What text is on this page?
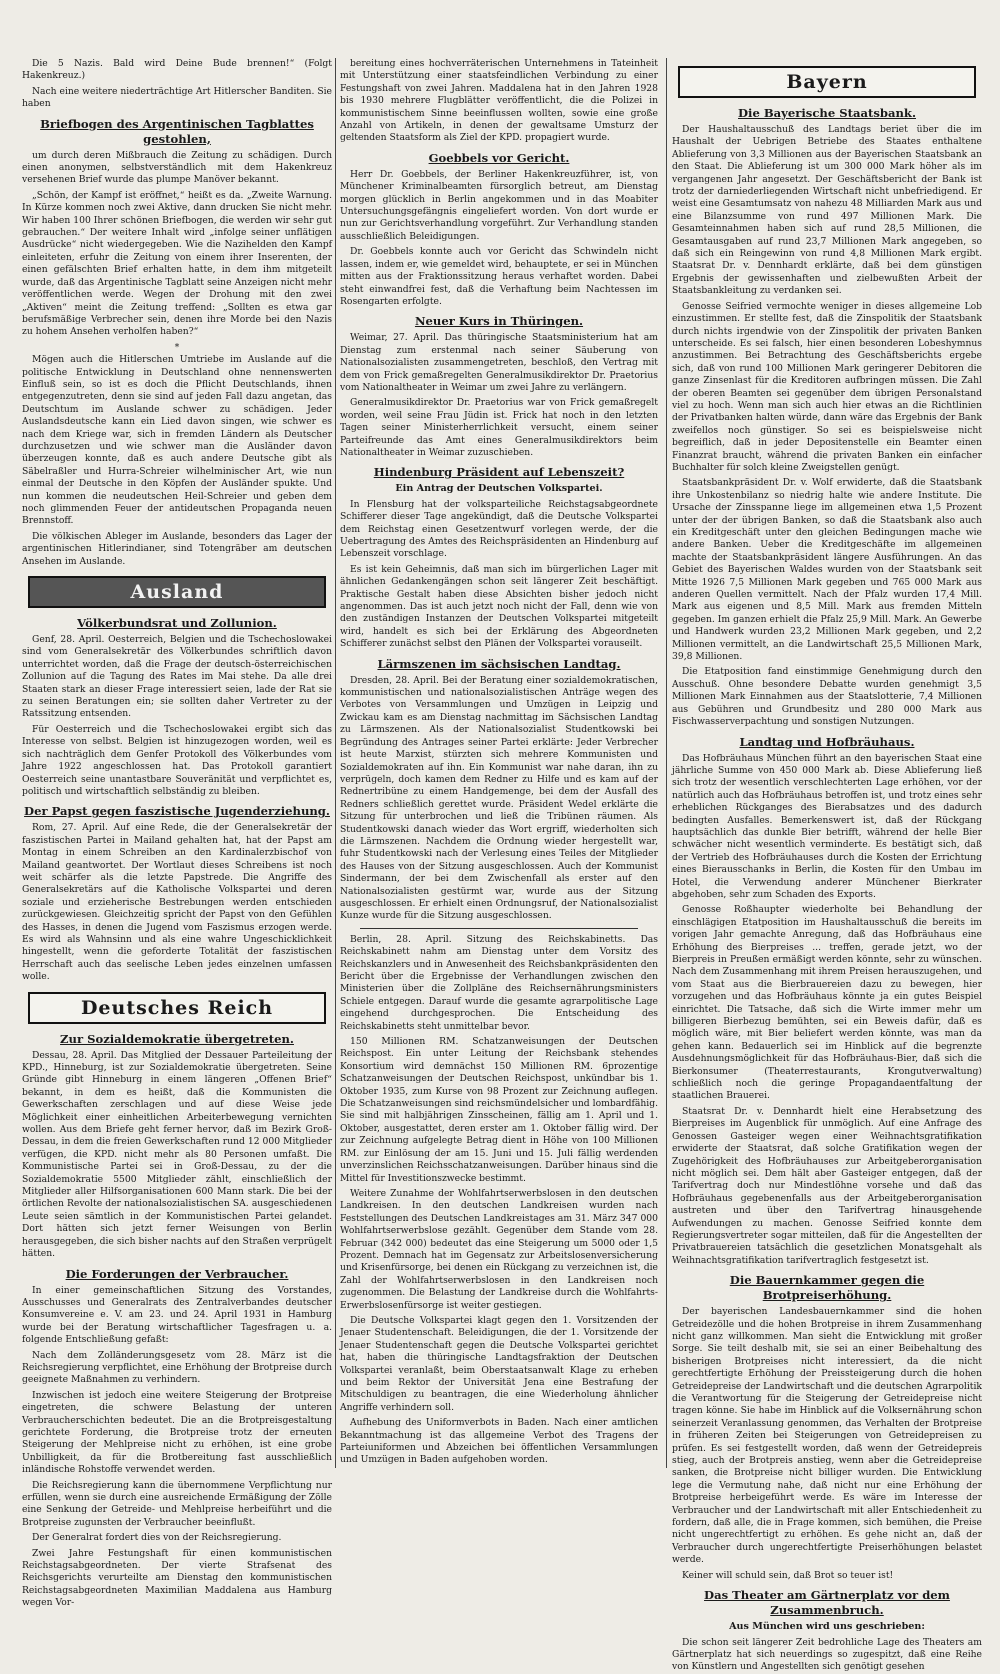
Die 5 Nazis. Bald wird Deine Bude brennen!“ (Folgt Hakenkreuz.)

Nach eine weitere niederträchtige Art Hitlerscher Banditen. Sie haben

Briefbogen des Argentinischen Tagblattes gestohlen,

um durch deren Mißbrauch die Zeitung zu schädigen. Durch einen anonymen, selbstverständlich mit dem Hakenkreuz versehenen Brief wurde das plumpe Manöver bekannt.

„Schön, der Kampf ist eröffnet,“ heißt es da. „Zweite Warnung. In Kürze kommen noch zwei Aktive, dann drucken Sie nicht mehr. Wir haben 100 Ihrer schönen Briefbogen, die werden wir sehr gut gebrauchen.“ Der weitere Inhalt wird „infolge seiner unflätigen Ausdrücke“ nicht wiedergegeben. Wie die Nazihelden den Kampf einleiteten, erfuhr die Zeitung von einem ihrer Inserenten, der einen gefälschten Brief erhalten hatte, in dem ihm mitgeteilt wurde, daß das Argentinische Tagblatt seine Anzeigen nicht mehr veröffentlichen werde. Wegen der Drohung mit den zwei „Aktiven“ meint die Zeitung treffend: „Sollten es etwa gar berufsmäßige Verbrecher sein, denen ihre Morde bei den Nazis zu hohem Ansehen verholfen haben?“

*

Mögen auch die Hitlerschen Umtriebe im Auslande auf die politische Entwicklung in Deutschland ohne nennenswerten Einfluß sein, so ist es doch die Pflicht Deutschlands, ihnen entgegenzutreten, denn sie sind auf jeden Fall dazu angetan, das Deutschtum im Auslande schwer zu schädigen. Jeder Auslandsdeutsche kann ein Lied davon singen, wie schwer es nach dem Kriege war, sich in fremden Ländern als Deutscher durchzusetzen und wie schwer man die Ausländer davon überzeugen konnte, daß es auch andere Deutsche gibt als Säbelraßler und Hurra-Schreier wilhelminischer Art, wie nun einmal der Deutsche in den Köpfen der Ausländer spukte. Und nun kommen die neudeutschen Heil-Schreier und geben dem noch glimmenden Feuer der antideutschen Propaganda neuen Brennstoff.

Die völkischen Ableger im Auslande, besonders das Lager der argentinischen Hitlerindianer, sind Totengräber am deutschen Ansehen im Auslande.

Ausland
Völkerbundsrat und Zollunion.

Genf, 28. April. Oesterreich, Belgien und die Tschechoslowakei sind vom Generalsekretär des Völkerbundes schriftlich davon unterrichtet worden, daß die Frage der deutsch-österreichischen Zollunion auf die Tagung des Rates im Mai stehe. Da alle drei Staaten stark an dieser Frage interessiert seien, lade der Rat sie zu seinen Beratungen ein; sie sollten daher Vertreter zu der Ratssitzung entsenden.

Für Oesterreich und die Tschechoslowakei ergibt sich das Interesse von selbst. Belgien ist hinzugezogen worden, weil es sich nachträglich dem Genfer Protokoll des Völkerbundes vom Jahre 1922 angeschlossen hat. Das Protokoll garantiert Oesterreich seine unantastbare Souveränität und verpflichtet es, politisch und wirtschaftlich selbständig zu bleiben.

Der Papst gegen faszistische Jugenderziehung.

Rom, 27. April. Auf eine Rede, die der Generalsekretär der faszistischen Partei in Mailand gehalten hat, hat der Papst am Montag in einem Schreiben an den Kardinalerzbischof von Mailand geantwortet. Der Wortlaut dieses Schreibens ist noch weit schärfer als die letzte Papstrede. Die Angriffe des Generalsekretärs auf die Katholische Volkspartei und deren soziale und erzieherische Bestrebungen werden entschieden zurückgewiesen. Gleichzeitig spricht der Papst von den Gefühlen des Hasses, in denen die Jugend vom Faszismus erzogen werde. Es wird als Wahnsinn und als eine wahre Ungeschicklichkeit hingestellt, wenn die geforderte Totalität der faszistischen Herrschaft auch das seelische Leben jedes einzelnen umfassen wolle.

Deutsches Reich
Zur Sozialdemokratie übergetreten.

Dessau, 28. April. Das Mitglied der Dessauer Parteileitung der KPD., Hinneburg, ist zur Sozialdemokratie übergetreten. Seine Gründe gibt Hinneburg in einem längeren „Offenen Brief“ bekannt, in dem es heißt, daß die Kommunisten die Gewerkschaften zerschlagen und auf diese Weise jede Möglichkeit einer einheitlichen Arbeiterbewegung vernichten wollen. Aus dem Briefe geht ferner hervor, daß im Bezirk Groß-Dessau, in dem die freien Gewerkschaften rund 12 000 Mitglieder verfügen, die KPD. nicht mehr als 80 Personen umfaßt. Die Kommunistische Partei sei in Groß-Dessau, zu der die Sozialdemokratie 5500 Mitglieder zählt, einschließlich der Mitglieder aller Hilfsorganisationen 600 Mann stark. Die bei der örtlichen Revolte der nationalsozialistischen SA. ausgeschiedenen Leute seien sämtlich in der Kommunistischen Partei gelandet. Dort hätten sich jetzt ferner Weisungen von Berlin herausgegeben, die sich bisher nachts auf den Straßen verprügelt hätten.

Die Forderungen der Verbraucher.

In einer gemeinschaftlichen Sitzung des Vorstandes, Ausschusses und Generalrats des Zentralverbandes deutscher Konsumvereine e. V. am 23. und 24. April 1931 in Hamburg wurde bei der Beratung wirtschaftlicher Tagesfragen u. a. folgende Entschließung gefaßt:

Nach dem Zolländerungsgesetz vom 28. März ist die Reichsregierung verpflichtet, eine Erhöhung der Brotpreise durch geeignete Maßnahmen zu verhindern.

Inzwischen ist jedoch eine weitere Steigerung der Brotpreise eingetreten, die schwere Belastung der unteren Verbraucherschichten bedeutet. Die an die Brotpreisgestaltung gerichtete Forderung, die Brotpreise trotz der erneuten Steigerung der Mehlpreise nicht zu erhöhen, ist eine grobe Unbilligkeit, da für die Brotbereitung fast ausschließlich inländische Rohstoffe verwendet werden.

Die Reichsregierung kann die übernommene Verpflichtung nur erfüllen, wenn sie durch eine ausreichende Ermäßigung der Zölle eine Senkung der Getreide- und Mehlpreise herbeiführt und die Brotpreise zugunsten der Verbraucher beeinflußt.

Der Generalrat fordert dies von der Reichsregierung.

Zwei Jahre Festungshaft für einen kommunistischen Reichstagsabgeordneten. Der vierte Strafsenat des Reichsgerichts verurteilte am Dienstag den kommunistischen Reichstagsabgeordneten Maximilian Maddalena aus Hamburg wegen Vor-

bereitung eines hochverräterischen Unternehmens in Tateinheit mit Unterstützung einer staatsfeindlichen Verbindung zu einer Festungshaft von zwei Jahren. Maddalena hat in den Jahren 1928 bis 1930 mehrere Flugblätter veröffentlicht, die die Polizei in kommunistischem Sinne beeinflussen wollten, sowie eine große Anzahl von Artikeln, in denen der gewaltsame Umsturz der geltenden Staatsform als Ziel der KPD. propagiert wurde.

Goebbels vor Gericht.

Herr Dr. Goebbels, der Berliner Hakenkreuzführer, ist, von Münchener Kriminalbeamten fürsorglich betreut, am Dienstag morgen glücklich in Berlin angekommen und in das Moabiter Untersuchungsgefängnis eingeliefert worden. Von dort wurde er nun zur Gerichtsverhandlung vorgeführt. Zur Verhandlung standen ausschließlich Beleidigungen.

Dr. Goebbels konnte auch vor Gericht das Schwindeln nicht lassen, indem er, wie gemeldet wird, behauptete, er sei in München mitten aus der Fraktionssitzung heraus verhaftet worden. Dabei steht einwandfrei fest, daß die Verhaftung beim Nachtessen im Rosengarten erfolgte.

Neuer Kurs in Thüringen.

Weimar, 27. April. Das thüringische Staatsministerium hat am Dienstag zum erstenmal nach seiner Säuberung von Nationalsozialisten zusammengetreten, beschloß, den Vertrag mit dem von Frick gemaßregelten Generalmusikdirektor Dr. Praetorius vom Nationaltheater in Weimar um zwei Jahre zu verlängern.

Generalmusikdirektor Dr. Praetorius war von Frick gemaßregelt worden, weil seine Frau Jüdin ist. Frick hat noch in den letzten Tagen seiner Ministerherrlichkeit versucht, einem seiner Parteifreunde das Amt eines Generalmusikdirektors beim Nationaltheater in Weimar zuzuschieben.

Hindenburg Präsident auf Lebenszeit?
Ein Antrag der Deutschen Volkspartei.

In Flensburg hat der volksparteiliche Reichstagsabgeordnete Schifferer dieser Tage angekündigt, daß die Deutsche Volkspartei dem Reichstag einen Gesetzentwurf vorlegen werde, der die Uebertragung des Amtes des Reichspräsidenten an Hindenburg auf Lebenszeit vorschlage.

Es ist kein Geheimnis, daß man sich im bürgerlichen Lager mit ähnlichen Gedankengängen schon seit längerer Zeit beschäftigt. Praktische Gestalt haben diese Absichten bisher jedoch nicht angenommen. Das ist auch jetzt noch nicht der Fall, denn wie von den zuständigen Instanzen der Deutschen Volkspartei mitgeteilt wird, handelt es sich bei der Erklärung des Abgeordneten Schifferer zunächst selbst den Plänen der Volkspartei vorauseilt.

Lärmszenen im sächsischen Landtag.

Dresden, 28. April. Bei der Beratung einer sozialdemokratischen, kommunistischen und nationalsozialistischen Anträge wegen des Verbotes von Versammlungen und Umzügen in Leipzig und Zwickau kam es am Dienstag nachmittag im Sächsischen Landtag zu Lärmszenen. Als der Nationalsozialist Studentkowski bei Begründung des Antrages seiner Partei erklärte: Jeder Verbrecher ist heute Marxist, stürzten sich mehrere Kommunisten und Sozialdemokraten auf ihn. Ein Kommunist war nahe daran, ihn zu verprügeln, doch kamen dem Redner zu Hilfe und es kam auf der Rednertribüne zu einem Handgemenge, bei dem der Ausfall des Redners schließlich gerettet wurde. Präsident Wedel erklärte die Sitzung für unterbrochen und ließ die Tribünen räumen. Als Studentkowski danach wieder das Wort ergriff, wiederholten sich die Lärmszenen. Nachdem die Ordnung wieder hergestellt war, fuhr Studentkowski nach der Verlesung eines Teiles der Mitglieder des Hauses von der Sitzung ausgeschlossen. Auch der Kommunist Sindermann, der bei dem Zwischenfall als erster auf den Nationalsozialisten gestürmt war, wurde aus der Sitzung ausgeschlossen. Er erhielt einen Ordnungsruf, der Nationalsozialist Kunze wurde für die Sitzung ausgeschlossen.

Berlin, 28. April. Sitzung des Reichskabinetts. Das Reichskabinett nahm am Dienstag unter dem Vorsitz des Reichskanzlers und in Anwesenheit des Reichsbankpräsidenten den Bericht über die Ergebnisse der Verhandlungen zwischen den Ministerien über die Zollpläne des Reichsernährungsministers Schiele entgegen. Darauf wurde die gesamte agrarpolitische Lage eingehend durchgesprochen. Die Entscheidung des Reichskabinetts steht unmittelbar bevor.

150 Millionen RM. Schatzanweisungen der Deutschen Reichspost. Ein unter Leitung der Reichsbank stehendes Konsortium wird demnächst 150 Millionen RM. 6prozentige Schatzanweisungen der Deutschen Reichspost, unkündbar bis 1. Oktober 1935, zum Kurse von 98 Prozent zur Zeichnung auflegen. Die Schatzanweisungen sind reichsmündelsicher und lombardfähig. Sie sind mit halbjährigen Zinsscheinen, fällig am 1. April und 1. Oktober, ausgestattet, deren erster am 1. Oktober fällig wird. Der zur Zeichnung aufgelegte Betrag dient in Höhe von 100 Millionen RM. zur Einlösung der am 15. Juni und 15. Juli fällig werdenden unverzinslichen Reichsschatzanweisungen. Darüber hinaus sind die Mittel für Investitionszwecke bestimmt.

Weitere Zunahme der Wohlfahrtserwerbslosen in den deutschen Landkreisen. In den deutschen Landkreisen wurden nach Feststellungen des Deutschen Landkreistages am 31. März 347 000 Wohlfahrtserwerbslose gezählt. Gegenüber dem Stande vom 28. Februar (342 000) bedeutet das eine Steigerung um 5000 oder 1,5 Prozent. Demnach hat im Gegensatz zur Arbeitslosenversicherung und Krisenfürsorge, bei denen ein Rückgang zu verzeichnen ist, die Zahl der Wohlfahrtserwerbslosen in den Landkreisen noch zugenommen. Die Belastung der Landkreise durch die Wohlfahrts-Erwerbslosenfürsorge ist weiter gestiegen.

Die Deutsche Volkspartei klagt gegen den 1. Vorsitzenden der Jenaer Studentenschaft. Beleidigungen, die der 1. Vorsitzende der Jenaer Studentenschaft gegen die Deutsche Volkspartei gerichtet hat, haben die thüringische Landtagsfraktion der Deutschen Volkspartei veranlaßt, beim Oberstaatsanwalt Klage zu erheben und beim Rektor der Universität Jena eine Bestrafung der Mitschuldigen zu beantragen, die eine Wiederholung ähnlicher Angriffe verhindern soll.

Aufhebung des Uniformverbots in Baden. Nach einer amtlichen Bekanntmachung ist das allgemeine Verbot des Tragens der Parteiuniformen und Abzeichen bei öffentlichen Versammlungen und Umzügen in Baden aufgehoben worden.

Bayern
Die Bayerische Staatsbank.

Der Haushaltausschuß des Landtags beriet über die im Haushalt der Uebrigen Betriebe des Staates enthaltene Ablieferung von 3,3 Millionen aus der Bayerischen Staatsbank an den Staat. Die Ablieferung ist um 300 000 Mark höher als im vergangenen Jahr angesetzt. Der Geschäftsbericht der Bank ist trotz der darniederliegenden Wirtschaft nicht unbefriedigend. Er weist eine Gesamtumsatz von nahezu 48 Milliarden Mark aus und eine Bilanzsumme von rund 497 Millionen Mark. Die Gesamteinnahmen haben sich auf rund 28,5 Millionen, die Gesamtausgaben auf rund 23,7 Millionen Mark angegeben, so daß sich ein Reingewinn von rund 4,8 Millionen Mark ergibt. Staatsrat Dr. v. Dennhardt erklärte, daß bei dem günstigen Ergebnis der gewissenhaften und zielbewußten Arbeit der Staatsbankleitung zu verdanken sei.

Genosse Seifried vermochte weniger in dieses allgemeine Lob einzustimmen. Er stellte fest, daß die Zinspolitik der Staatsbank durch nichts irgendwie von der Zinspolitik der privaten Banken unterscheide. Es sei falsch, hier einen besonderen Lobeshymnus anzustimmen. Bei Betrachtung des Geschäftsberichts ergebe sich, daß von rund 100 Millionen Mark geringerer Debitoren die ganze Zinsenlast für die Kreditoren aufbringen müssen. Die Zahl der oberen Beamten sei gegenüber dem übrigen Personalstand viel zu hoch. Wenn man sich auch hier etwas an die Richtlinien der Privatbanken halten würde, dann wäre das Ergebnis der Bank zweifellos noch günstiger. So sei es beispielsweise nicht begreiflich, daß in jeder Depositenstelle ein Beamter einen Finanzrat braucht, während die privaten Banken ein einfacher Buchhalter für solch kleine Zweigstellen genügt.

Staatsbankpräsident Dr. v. Wolf erwiderte, daß die Staatsbank ihre Unkostenbilanz so niedrig halte wie andere Institute. Die Ursache der Zinsspanne liege im allgemeinen etwa 1,5 Prozent unter der der übrigen Banken, so daß die Staatsbank also auch ein Kreditgeschäft unter den gleichen Bedingungen mache wie andere Banken. Ueber die Kreditgeschäfte im allgemeinen machte der Staatsbankpräsident längere Ausführungen. An das Gebiet des Bayerischen Waldes wurden von der Staatsbank seit Mitte 1926 7,5 Millionen Mark gegeben und 765 000 Mark aus anderen Quellen vermittelt. Nach der Pfalz wurden 17,4 Mill. Mark aus eigenen und 8,5 Mill. Mark aus fremden Mitteln gegeben. Im ganzen erhielt die Pfalz 25,9 Mill. Mark. An Gewerbe und Handwerk wurden 23,2 Millionen Mark gegeben, und 2,2 Millionen vermittelt, an die Landwirtschaft 25,5 Millionen Mark, 39,8 Millionen.

Die Etatposition fand einstimmige Genehmigung durch den Ausschuß. Ohne besondere Debatte wurden genehmigt 3,5 Millionen Mark Einnahmen aus der Staatslotterie, 7,4 Millionen aus Gebühren und Grundbesitz und 280 000 Mark aus Fischwasserverpachtung und sonstigen Nutzungen.

Landtag und Hofbräuhaus.

Das Hofbräuhaus München führt an den bayerischen Staat eine jährliche Summe von 450 000 Mark ab. Diese Ablieferung ließ sich trotz der wesentlich verschlechterten Lage erhöhen, vor der natürlich auch das Hofbräuhaus betroffen ist, und trotz eines sehr erheblichen Rückganges des Bierabsatzes und des dadurch bedingten Ausfalles. Bemerkenswert ist, daß der Rückgang hauptsächlich das dunkle Bier betrifft, während der helle Bier schwächer nicht wesentlich verminderte. Es bestätigt sich, daß der Vertrieb des Hofbräuhauses durch die Kosten der Errichtung eines Bierausschanks in Berlin, die Kosten für den Umbau im Hotel, die Verwendung anderer Münchener Bierkrater abgehoben, sehr zum Schaden des Exports.

Genosse Roßhaupter wiederholte bei Behandlung der einschlägigen Etatposition im Haushaltausschuß die bereits im vorigen Jahr gemachte Anregung, daß das Hofbräuhaus eine Erhöhung des Bierpreises ... treffen, gerade jetzt, wo der Bierpreis in Preußen ermäßigt werden könnte, sehr zu wünschen. Nach dem Zusammenhang mit ihrem Preisen herauszugehen, und vom Staat aus die Bierbrauereien dazu zu bewegen, hier vorzugehen und das Hofbräuhaus könnte ja ein gutes Beispiel einrichtet. Die Tatsache, daß sich die Wirte immer mehr um billigeren Bierbezug bemühten, sei ein Beweis dafür, daß es möglich wäre, mit Bier beliefert werden könnte, was man da gehen kann. Bedauerlich sei im Hinblick auf die begrenzte Ausdehnungsmöglichkeit für das Hofbräuhaus-Bier, daß sich die Bierkonsumer (Theaterrestaurants, Krongutverwaltung) schließlich noch die geringe Propagandaentfaltung der staatlichen Brauerei.

Staatsrat Dr. v. Dennhardt hielt eine Herabsetzung des Bierpreises im Augenblick für unmöglich. Auf eine Anfrage des Genossen Gasteiger wegen einer Weihnachtsgratifikation erwiderte der Staatsrat, daß solche Gratifikation wegen der Zugehörigkeit des Hofbräuhauses zur Arbeitgeberorganisation nicht möglich sei. Dem hält aber Gasteiger entgegen, daß der Tarifvertrag doch nur Mindestlöhne vorsehe und daß das Hofbräuhaus gegebenenfalls aus der Arbeitgeberorganisation austreten und über den Tarifvertrag hinausgehende Aufwendungen zu machen. Genosse Seifried konnte dem Regierungsvertreter sogar mitteilen, daß für die Angestellten der Privatbrauereien tatsächlich die gesetzlichen Monatsgehalt als Weihnachtsgratifikation tarifvertraglich festgesetzt ist.

Die Bauernkammer gegen die Brotpreiserhöhung.

Der bayerischen Landesbauernkammer sind die hohen Getreidezölle und die hohen Brotpreise in ihrem Zusammenhang nicht ganz willkommen. Man sieht die Entwicklung mit großer Sorge. Sie teilt deshalb mit, sie sei an einer Beibehaltung des bisherigen Brotpreises nicht interessiert, da die nicht gerechtfertigte Erhöhung der Preissteigerung durch die hohen Getreidepreise der Landwirtschaft und die deutschen Agrarpolitik die Verantwortung für die Steigerung der Getreidepreise nicht tragen könne. Sie habe im Hinblick auf die Volksernährung schon seinerzeit Veranlassung genommen, das Verhalten der Brotpreise in früheren Zeiten bei Steigerungen von Getreidepreisen zu prüfen. Es sei festgestellt worden, daß wenn der Getreidepreis stieg, auch der Brotpreis anstieg, wenn aber die Getreidepreise sanken, die Brotpreise nicht billiger wurden. Die Entwicklung lege die Vermutung nahe, daß nicht nur eine Erhöhung der Brotpreise herbeigeführt werde. Es wäre im Interesse der Verbraucher und der Landwirtschaft mit aller Entschiedenheit zu fordern, daß alle, die in Frage kommen, sich bemühen, die Preise nicht ungerechtfertigt zu erhöhen. Es gehe nicht an, daß der Verbraucher durch ungerechtfertigte Preiserhöhungen belastet werde.

Keiner will schuld sein, daß Brot so teuer ist!

Das Theater am Gärtnerplatz vor dem Zusammenbruch.
Aus München wird uns geschrieben:

Die schon seit längerer Zeit bedrohliche Lage des Theaters am Gärtnerplatz hat sich neuerdings so zugespitzt, daß eine Reihe von Künstlern und Angestellten sich genötigt gesehen
